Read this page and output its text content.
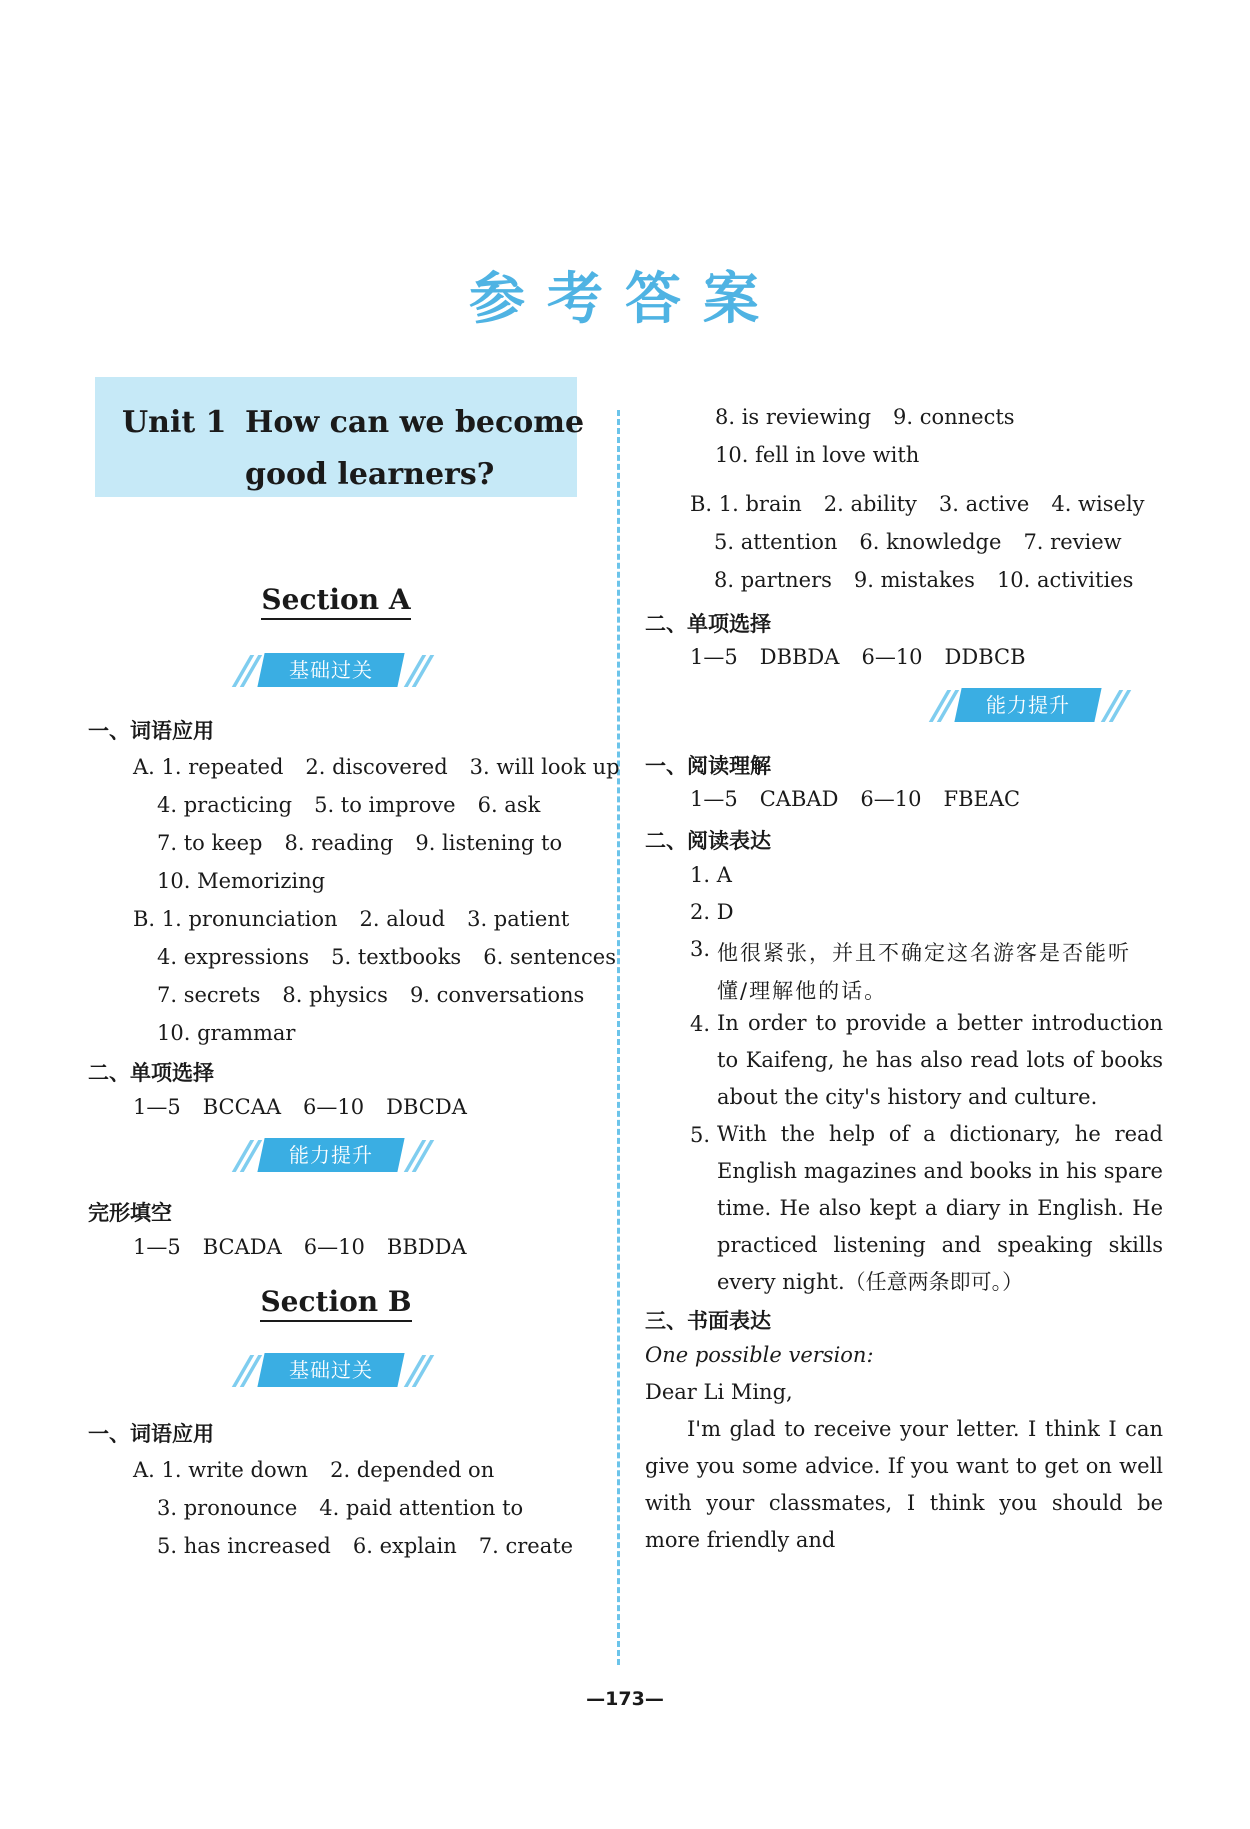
参考答案
Unit 1 How can we become
good learners?
Section A
基础过关
一、词语应用
A. 1. repeated 2. discovered 3. will look up
4. practicing 5. to improve 6. ask
7. to keep 8. reading 9. listening to
10. Memorizing
B. 1. pronunciation 2. aloud 3. patient
4. expressions 5. textbooks 6. sentences
7. secrets 8. physics 9. conversations
10. grammar
二、单项选择
1—5 BCCAA 6—10 DBCDA
能力提升
完形填空
1—5 BCADA 6—10 BBDDA
Section B
基础过关
一、词语应用
A. 1. write down 2. depended on
3. pronounce 4. paid attention to
5. has increased 6. explain 7. create
8. is reviewing 9. connects
10. fell in love with
B. 1. brain 2. ability 3. active 4. wisely
5. attention 6. knowledge 7. review
8. partners 9. mistakes 10. activities
二、单项选择
1—5 DBBDA 6—10 DDBCB
能力提升
一、阅读理解
1—5 CABAD 6—10 FBEAC
二、阅读表达
1. A
2. D
3. 他很紧张，并且不确定这名游客是否能听
懂/理解他的话。
4. In order to provide a better introduction to Kaifeng, he has also read lots of books about the city's history and culture.
5. With the help of a dictionary, he read English magazines and books in his spare time. He also kept a diary in English. He practiced listening and speaking skills every night.（任意两条即可。）
三、书面表达
One possible version:
Dear Li Ming,
I'm glad to receive your letter. I think I can give you some advice. If you want to get on well with your classmates, I think you should be more friendly and
—173—
